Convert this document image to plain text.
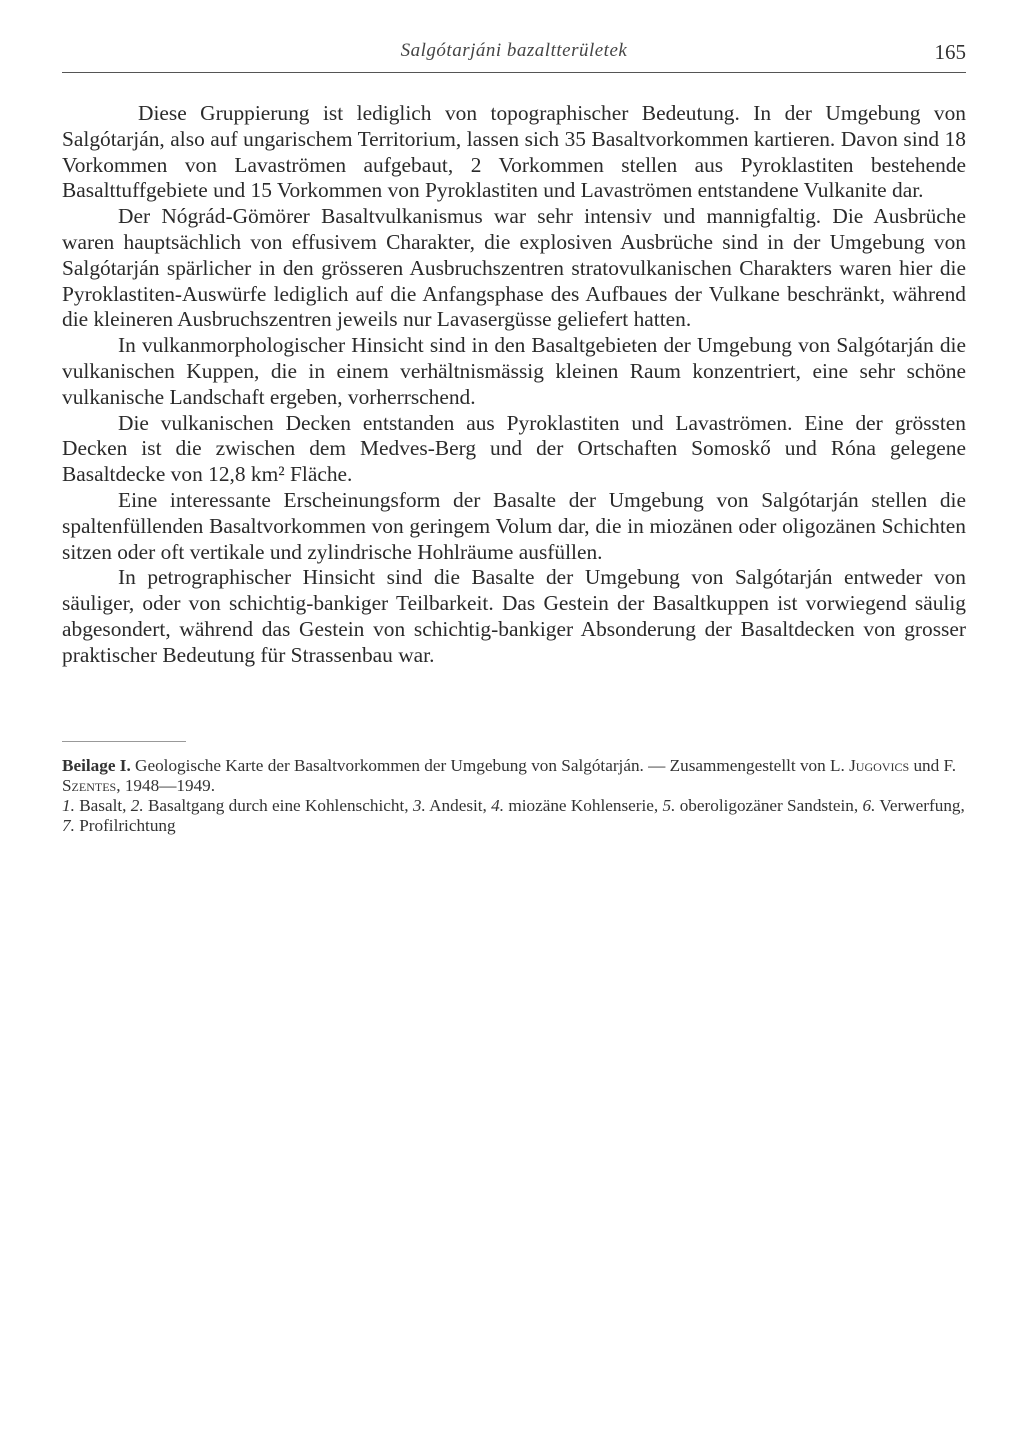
Salgótarjáni bazaltterületek	165

Diese Gruppierung ist lediglich von topographischer Bedeutung. In der Umgebung von Salgótarján, also auf ungarischem Territorium, lassen sich 35 Basaltvorkommen kartieren. Davon sind 18 Vorkommen von Lavaströmen aufgebaut, 2 Vorkommen stellen aus Pyroklastiten bestehende Basalttuffgebiete und 15 Vorkommen von Pyroklastiten und Lavaströmen entstandene Vulkanite dar.

Der Nógrád-Gömörer Basaltvulkanismus war sehr intensiv und mannigfaltig. Die Ausbrüche waren hauptsächlich von effusivem Charakter, die explosiven Ausbrüche sind in der Umgebung von Salgótarján spärlicher in den grösseren Ausbruchszentren stratovulkanischen Charakters waren hier die Pyroklastiten-Auswürfe lediglich auf die Anfangsphase des Aufbaues der Vulkane beschränkt, während die kleineren Ausbruchszentren jeweils nur Lavasergüsse geliefert hatten.

In vulkanmorphologischer Hinsicht sind in den Basaltgebieten der Umgebung von Salgótarján die vulkanischen Kuppen, die in einem verhältnismässig kleinen Raum konzentriert, eine sehr schöne vulkanische Landschaft ergeben, vorherrschend.

Die vulkanischen Decken entstanden aus Pyroklastiten und Lavaströmen. Eine der grössten Decken ist die zwischen dem Medves-Berg und der Ortschaften Somoskő und Róna gelegene Basaltdecke von 12,8 km² Fläche.

Eine interessante Erscheinungsform der Basalte der Umgebung von Salgótarján stellen die spaltenfüllenden Basaltvorkommen von geringem Volum dar, die in miozänen oder oligozänen Schichten sitzen oder oft vertikale und zylindrische Hohlräume ausfüllen.

In petrographischer Hinsicht sind die Basalte der Umgebung von Salgótarján entweder von säuliger, oder von schichtig-bankiger Teilbarkeit. Das Gestein der Basaltkuppen ist vorwiegend säulig abgesondert, während das Gestein von schichtig-bankiger Absonderung der Basaltdecken von grosser praktischer Bedeutung für Strassenbau war.

Beilage I. Geologische Karte der Basaltvorkommen der Umgebung von Salgótarján. — Zusammengestellt von L. Jugovics und F. Szentes, 1948—1949.

1. Basalt, 2. Basaltgang durch eine Kohlenschicht, 3. Andesit, 4. miozäne Kohlenserie, 5. oberoligozäner Sandstein, 6. Verwerfung, 7. Profilrichtung
